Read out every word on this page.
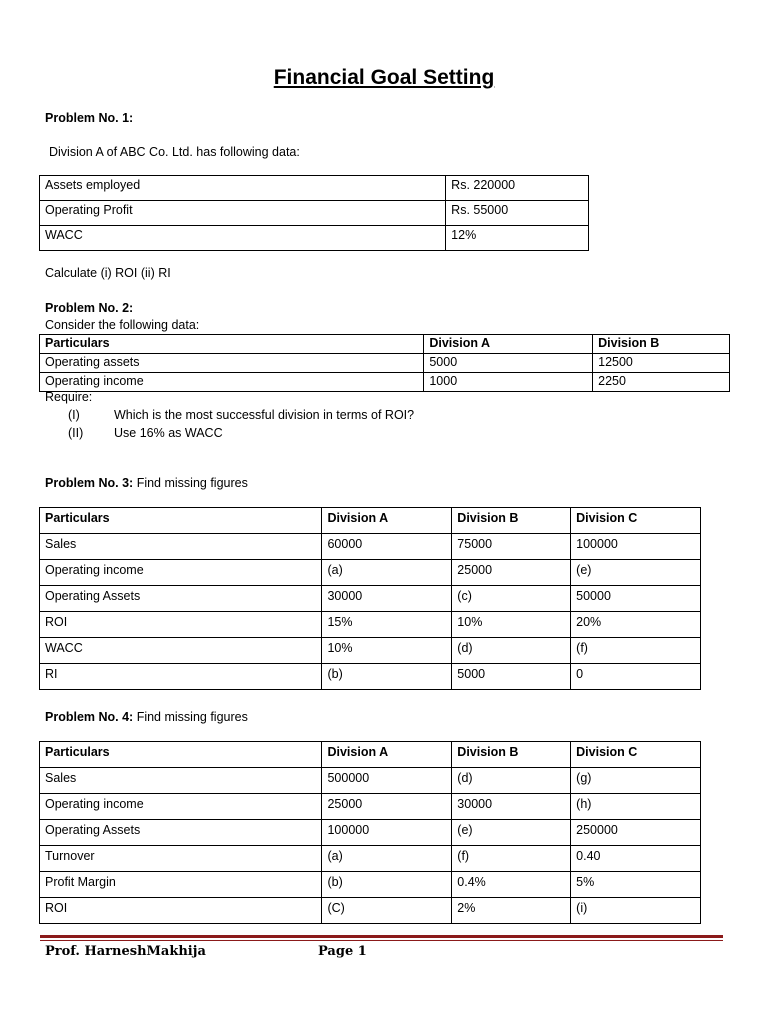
Financial Goal Setting
Problem No. 1:
Division A of ABC Co. Ltd. has following data:
Assets employed	Rs. 220000
Operating Profit	Rs. 55000
WACC	12%
Calculate (i) ROI (ii) RI
Problem No. 2:
Consider the following data:
Particulars	Division A	Division B
Operating assets	5000	12500
Operating income	1000	2250
Require:
(I)	Which is the most successful division in terms of ROI?
(II) Use 16% as WACC
Problem No. 3: Find missing figures
Particulars	Division A	Division B	Division C
Sales	60000	75000	100000
Operating income	(a)	25000	(e)
Operating Assets	30000	(c)	50000
ROI	15%	10%	20%
WACC	10%	(d)	(f)
RI	(b)	5000	0
Problem No. 4: Find missing figures
Particulars	Division A	Division B	Division C
Sales	500000	(d)	(g)
Operating income	25000	30000	(h)
Operating Assets	100000	(e)	250000
Turnover	(a)	(f)	0.40
Profit Margin	(b)	0.4%	5%
ROI	(C)	2%	(i)
Prof. HarneshMakhija	Page 1
